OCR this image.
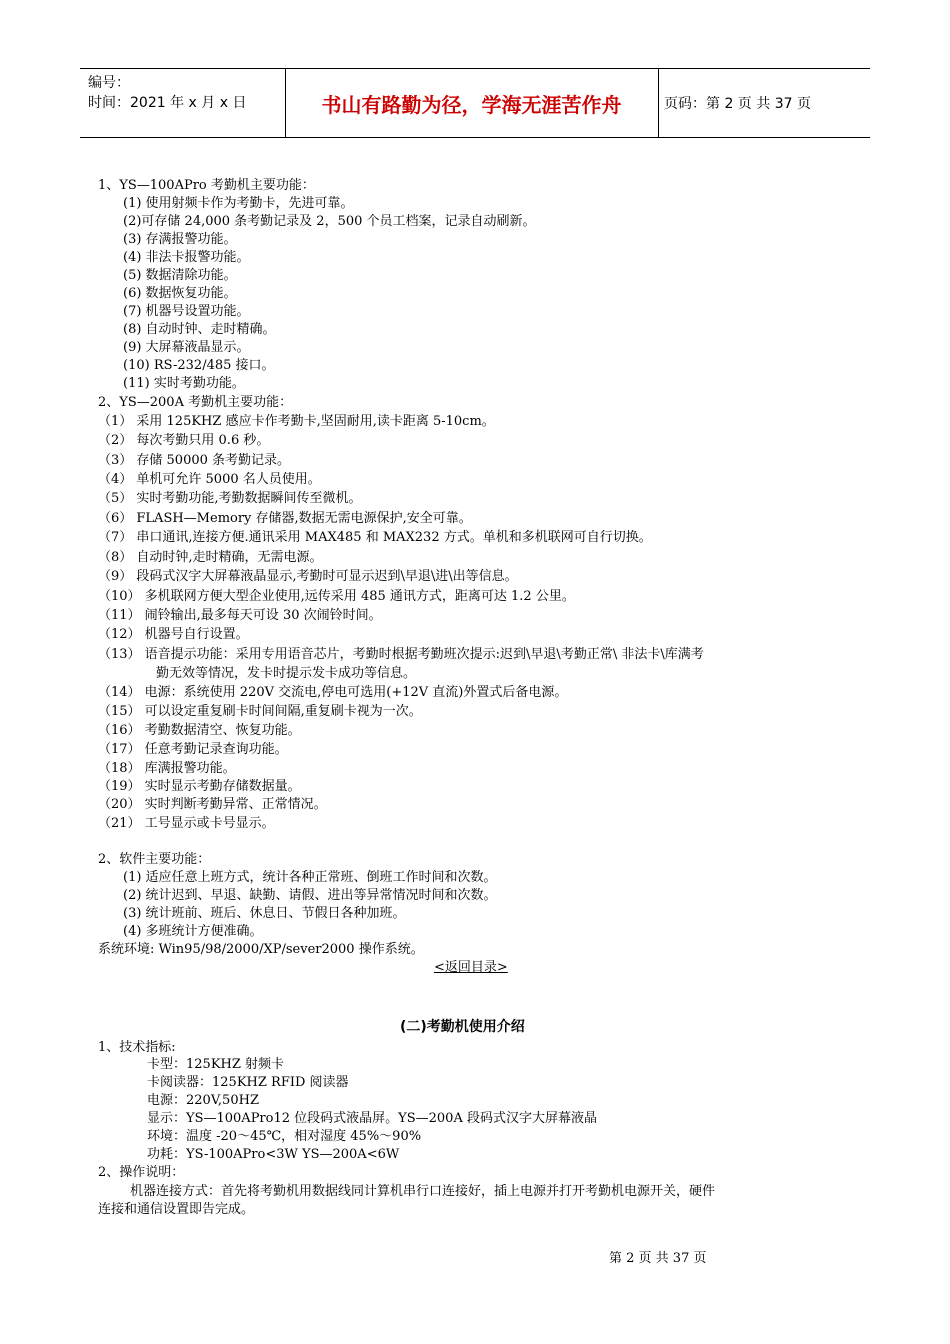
编号：
时间：2021 年 x 月 x 日	书山有路勤为径，学海无涯苦作舟	页码：第 2 页 共 37 页
1、YS—100APro 考勤机主要功能：
(1) 使用射频卡作为考勤卡，先进可靠。
(2)可存储 24,000 条考勤记录及 2，500 个员工档案，记录自动刷新。
(3) 存满报警功能。
(4) 非法卡报警功能。
(5) 数据清除功能。
(6) 数据恢复功能。
(7) 机器号设置功能。
(8) 自动时钟、走时精确。
(9) 大屏幕液晶显示。
(10) RS-232/485 接口。
(11) 实时考勤功能。
2、YS—200A 考勤机主要功能：
（1） 采用 125KHZ 感应卡作考勤卡,坚固耐用,读卡距离 5-10cm。
（2） 每次考勤只用 0.6 秒。
（3） 存储 50000 条考勤记录。
（4） 单机可允许 5000 名人员使用。
（5） 实时考勤功能,考勤数据瞬间传至微机。
（6） FLASH—Memory 存储器,数据无需电源保护,安全可靠。
（7） 串口通讯,连接方便.通讯采用 MAX485 和 MAX232 方式。单机和多机联网可自行切换。
（8） 自动时钟,走时精确，无需电源。
（9） 段码式汉字大屏幕液晶显示,考勤时可显示迟到\早退\进\出等信息。
（10） 多机联网方便大型企业使用,远传采用 485 通讯方式，距离可达 1.2 公里。
（11） 闹铃输出,最多每天可设 30 次闹铃时间。
（12） 机器号自行设置。
（13） 语音提示功能：采用专用语音芯片，考勤时根据考勤班次提示:迟到\早退\考勤正常\ 非法卡\库满考
勤无效等情况，发卡时提示发卡成功等信息。
（14） 电源：系统使用 220V 交流电,停电可选用(+12V 直流)外置式后备电源。
（15） 可以设定重复刷卡时间间隔,重复刷卡视为一次。
（16） 考勤数据清空、恢复功能。
（17） 任意考勤记录查询功能。
（18） 库满报警功能。
（19） 实时显示考勤存储数据量。
（20） 实时判断考勤异常、正常情况。
（21） 工号显示或卡号显示。
2、软件主要功能：
(1) 适应任意上班方式，统计各种正常班、倒班工作时间和次数。
(2) 统计迟到、早退、缺勤、请假、进出等异常情况时间和次数。
(3) 统计班前、班后、休息日、节假日各种加班。
(4) 多班统计方便准确。
系统环境: Win95/98/2000/XP/sever2000 操作系统。
<返回目录>
(二)考勤机使用介绍
1、技术指标:
卡型：125KHZ 射频卡
卡阅读器：125KHZ RFID 阅读器
电源：220V,50HZ
显示：YS—100APro12 位段码式液晶屏。YS—200A 段码式汉字大屏幕液晶
环境：温度 -20～45℃，相对湿度 45%～90%
功耗：YS-100APro<3W YS—200A<6W
2、操作说明：
机器连接方式：首先将考勤机用数据线同计算机串行口连接好，插上电源并打开考勤机电源开关，硬件
连接和通信设置即告完成。
第 2 页 共 37 页
